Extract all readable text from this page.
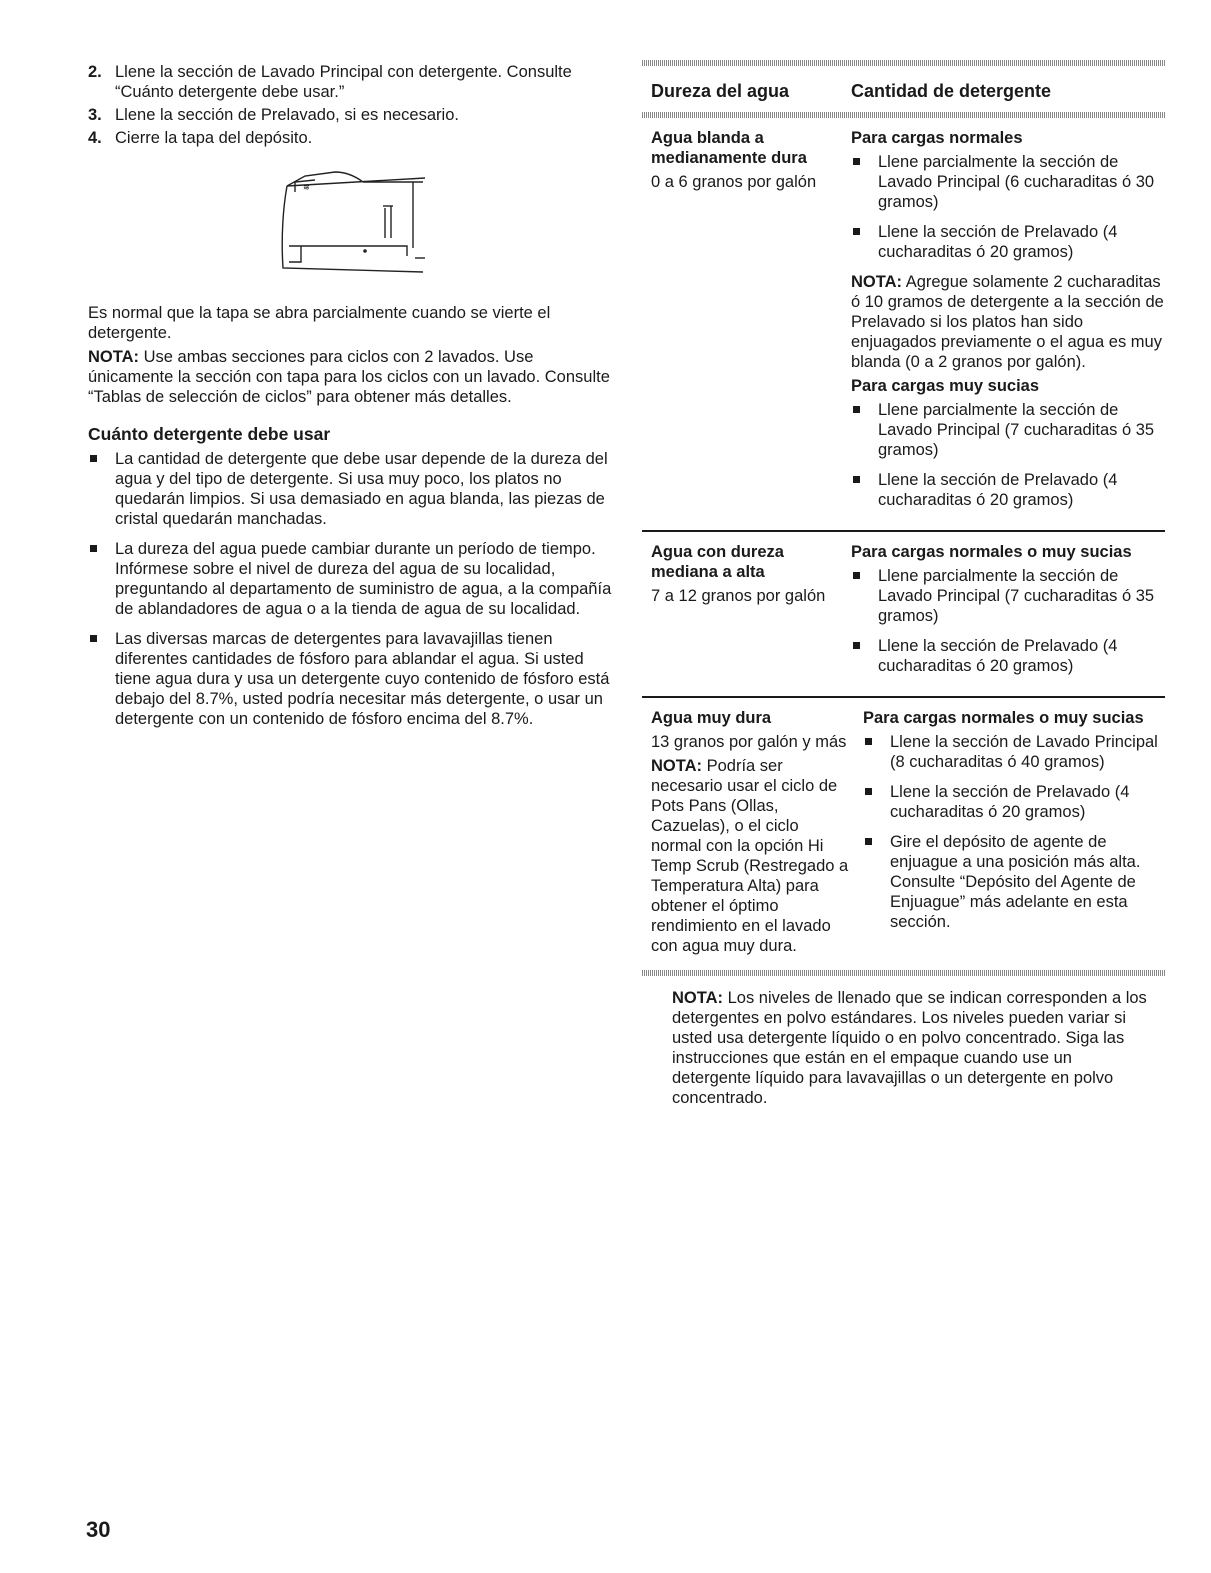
2. Llene la sección de Lavado Principal con detergente. Consulte “Cuánto detergente debe usar.”
3. Llene la sección de Prelavado, si es necesario.
4. Cierre la tapa del depósito.
≋

Es normal que la tapa se abra parcialmente cuando se vierte el detergente.

NOTA: Use ambas secciones para ciclos con 2 lavados. Use únicamente la sección con tapa para los ciclos con un lavado. Consulte “Tablas de selección de ciclos” para obtener más detalles.

Cuánto detergente debe usar
La cantidad de detergente que debe usar depende de la dureza del agua y del tipo de detergente. Si usa muy poco, los platos no quedarán limpios. Si usa demasiado en agua blanda, las piezas de cristal quedarán manchadas.
La dureza del agua puede cambiar durante un período de tiempo. Infórmese sobre el nivel de dureza del agua de su localidad, preguntando al departamento de suministro de agua, a la compañía de ablandadores de agua o a la tienda de agua de su localidad.
Las diversas marcas de detergentes para lavavajillas tienen diferentes cantidades de fósforo para ablandar el agua. Si usted tiene agua dura y usa un detergente cuyo contenido de fósforo está debajo del 8.7%, usted podría necesitar más detergente, o usar un detergente con un contenido de fósforo encima del 8.7%.
Dureza del agua	Cantidad de detergente
Agua blanda a medianamente dura
0 a 6 granos por galón
Para cargas normales
Llene parcialmente la sección de Lavado Principal (6 cucharaditas ó 30 gramos)
Llene la sección de Prelavado (4 cucharaditas ó 20 gramos)

NOTA: Agregue solamente 2 cucharaditas ó 10 gramos de detergente a la sección de Prelavado si los platos han sido enjuagados previamente o el agua es muy blanda (0 a 2 granos por galón).

Para cargas muy sucias
Llene parcialmente la sección de Lavado Principal (7 cucharaditas ó 35 gramos)
Llene la sección de Prelavado (4 cucharaditas ó 20 gramos)
Agua con dureza mediana a alta
7 a 12 granos por galón
Para cargas normales o muy sucias
Llene parcialmente la sección de Lavado Principal (7 cucharaditas ó 35 gramos)
Llene la sección de Prelavado (4 cucharaditas ó 20 gramos)
Agua muy dura
13 granos por galón y más

NOTA: Podría ser necesario usar el ciclo de Pots Pans (Ollas, Cazuelas), o el ciclo normal con la opción Hi Temp Scrub (Restregado a Temperatura Alta) para obtener el óptimo rendimiento en el lavado con agua muy dura.

Para cargas normales o muy sucias
Llene la sección de Lavado Principal (8 cucharaditas ó 40 gramos)
Llene la sección de Prelavado (4 cucharaditas ó 20 gramos)
Gire el depósito de agente de enjuague a una posición más alta. Consulte “Depósito del Agente de Enjuague” más adelante en esta sección.

NOTA: Los niveles de llenado que se indican corresponden a los detergentes en polvo estándares. Los niveles pueden variar si usted usa detergente líquido o en polvo concentrado. Siga las instrucciones que están en el empaque cuando use un detergente líquido para lavavajillas o un detergente en polvo concentrado.

30
